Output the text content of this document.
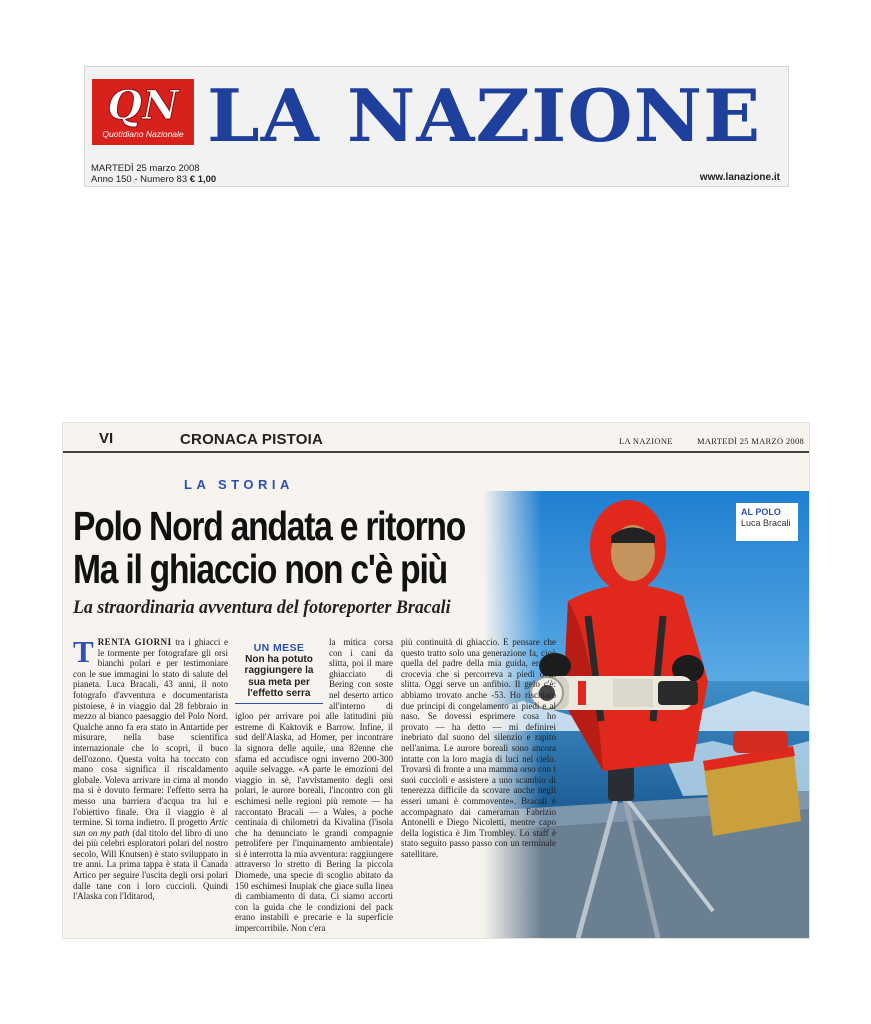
QN
Quotidiano Nazionale LA NAZIONE
MARTEDÌ 25 marzo 2008
Anno 150 - Numero 83 € 1,00	www.lanazione.it
VI	CRONACA PISTOIA	LA NAZIONE	MARTEDÌ 25 MARZO 2008
LA STORIA
Polo Nord andata e ritorno
Ma il ghiaccio non c'è più
La straordinaria avventura del fotoreporter Bracali
AL POLO
Luca Bracali

T RENTA GIORNI tra i ghiacci e le tormente per fotografare gli orsi bianchi polari e per testimoniare con le sue immagini lo stato di salute del pianeta. Luca Bracali, 43 anni, il noto fotografo d'avventura e documentarista pistoiese, è in viaggio dal 28 febbraio in mezzo al bianco paesaggio del Polo Nord. Qualche anno fa era stato in Antartide per misurare, nella base scientifica internazionale che lo scoprì, il buco dell'ozono. Questa volta ha toccato con mano cosa significa il riscaldamento globale. Voleva arrivare in cima al mondo ma si è dovuto fermare: l'effetto serra ha messo una barriera d'acqua tra lui e l'obiettivo finale. Ora il viaggio è al termine. Si torna indietro. Il progetto Artic sun on my path (dal titolo del libro di uno dei più celebri esploratori polari del nostro secolo, Will Knutsen) è stato sviluppato in tre anni. La prima tappa è stata il Canada Artico per seguire l'uscita degli orsi polari dalle tane con i loro cuccioli. Quindi l'Alaska con l'Iditarod,

UN MESE
Non ha potuto raggiungere la sua meta per l'effetto serra
la mitica corsa con i cani da slitta, poi il mare ghiacciato di Bering con soste nel deserto artico all'interno di igloo per arrivare poi alle latitudini più estreme di Kaktovik e Barrow. Infine, il sud dell'Alaska, ad Homer, per incontrare la signora delle aquile, una 82enne che sfama ed accudisce ogni inverno 200-300 aquile selvagge. «A parte le emozioni del viaggio in sè, l'avvistamento degli orsi polari, le aurore boreali, l'incontro con gli eschimesi nelle regioni più remote — ha raccontato Bracali — a Wales, a poche centinaia di chilometri da Kivalina (l'isola che ha denunciato le grandi compagnie petrolifere per l'inquinamento ambientale) si è interrotta la mia avventura: raggiungere attraverso lo stretto di Bering la piccola Diomede, una specie di scoglio abitato da 150 eschimesi Inupiak che giace sulla linea di cambiamento di data. Ci siamo accorti con la guida che le condizioni del pack erano instabili e precarie e la superficie impercorribile. Non c'era

più continuità di ghiaccio. E pensare che questo tratto solo una generazione fa, cioè quella del padre della mia guida, era un crocevia che si percorreva a piedi o in slitta. Oggi serve un anfibio. Il gelo c'è: abbiamo trovato anche -53. Ho rischiato due principi di congelamento ai piedi e al naso. Se dovessi esprimere cosa ho provato — ha detto — mi definirei inebriato dal suono del silenzio e rapito nell'anima. Le aurore boreali sono ancora intatte con la loro magia di luci nel cielo. Trovarsi di fronte a una mamma orso con i suoi cuccioli e assistere a uno scambio di tenerezza difficile da scovare anche negli esseri umani è commovente». Bracali è accompagnato dai cameraman Fabrizio Antonelli e Diego Nicoletti, mentre capo della logistica è Jim Trombley. Lo staff è stato seguito passo passo con un terminale satellitare.
